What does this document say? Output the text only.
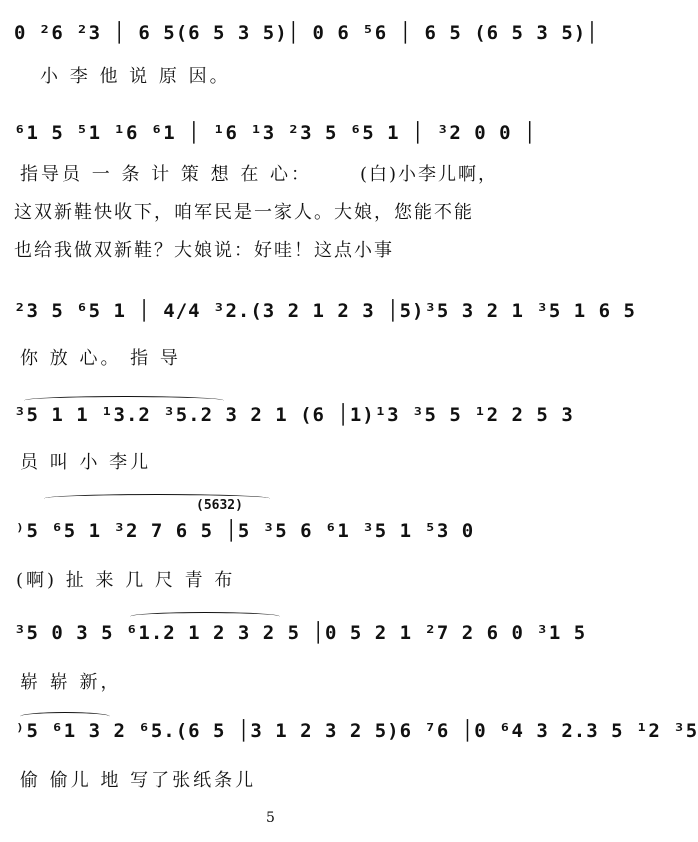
0 ²6 ²3 │ 6 5(6 5 3 5)│ 0 6 ⁵6 │ 6 5 (6 5 3 5)│
小 李 他 说 原 因。
⁶1 5 ⁵1 ¹6 ⁶1 │ ¹6 ¹3 ²3 5 ⁶5 1 │ ³2 0 0 │
指导员 一 条 计 策 想 在 心：	(白)小李儿啊，
这双新鞋快收下，咱军民是一家人。大娘，您能不能
也给我做双新鞋？大娘说：好哇！这点小事
²3 5 ⁶5 1 │ 4/4 ³2.(3 2 1 2 3 │5)³5 3 2 1 ³5 1 6 5
你 放 心。 指 导
³5 1 1 ¹3.2 ³5.2 3 2 1 (6 │1)¹3 ³5 5 ¹2 2 5 3
员 叫 小 李儿
(5632)
⁾5 ⁶5 1 ³2 7 6 5 │5 ³5 6 ⁶1 ³5 1 ⁵3 0
(啊) 扯 来 几 尺 青 布
³5 0 3 5 ⁶1.2 1 2 3 2 5 │0 5 2 1 ²7 2 6 0 ³1 5
崭 崭 新，
⁾5 ⁶1 3 2 ⁶5.(6 5 │3 1 2 3 2 5)6 ⁷6 │0 ⁶4 3 2.3 5 ¹2 ³5
偷 偷儿 地 写了张纸条儿
5
